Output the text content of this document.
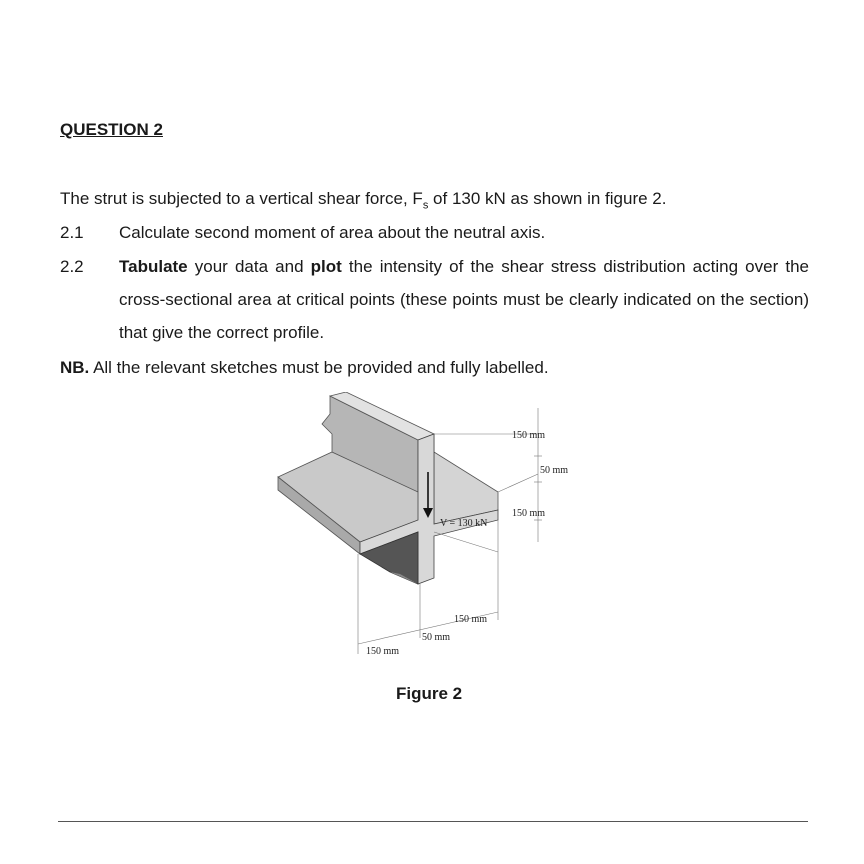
QUESTION 2
The strut is subjected to a vertical shear force, $F_s$ of 130 kN as shown in figure 2.
2.1 Calculate second moment of area about the neutral axis.
2.2 Tabulate your data and plot the intensity of the shear stress distribution acting over the cross-sectional area at critical points (these points must be clearly indicated on the section) that give the correct profile.
NB. All the relevant sketches must be provided and fully labelled.
150 mm
50 mm
150 mm
V = 130 kN
150 mm
50 mm
150 mm
Figure 2
